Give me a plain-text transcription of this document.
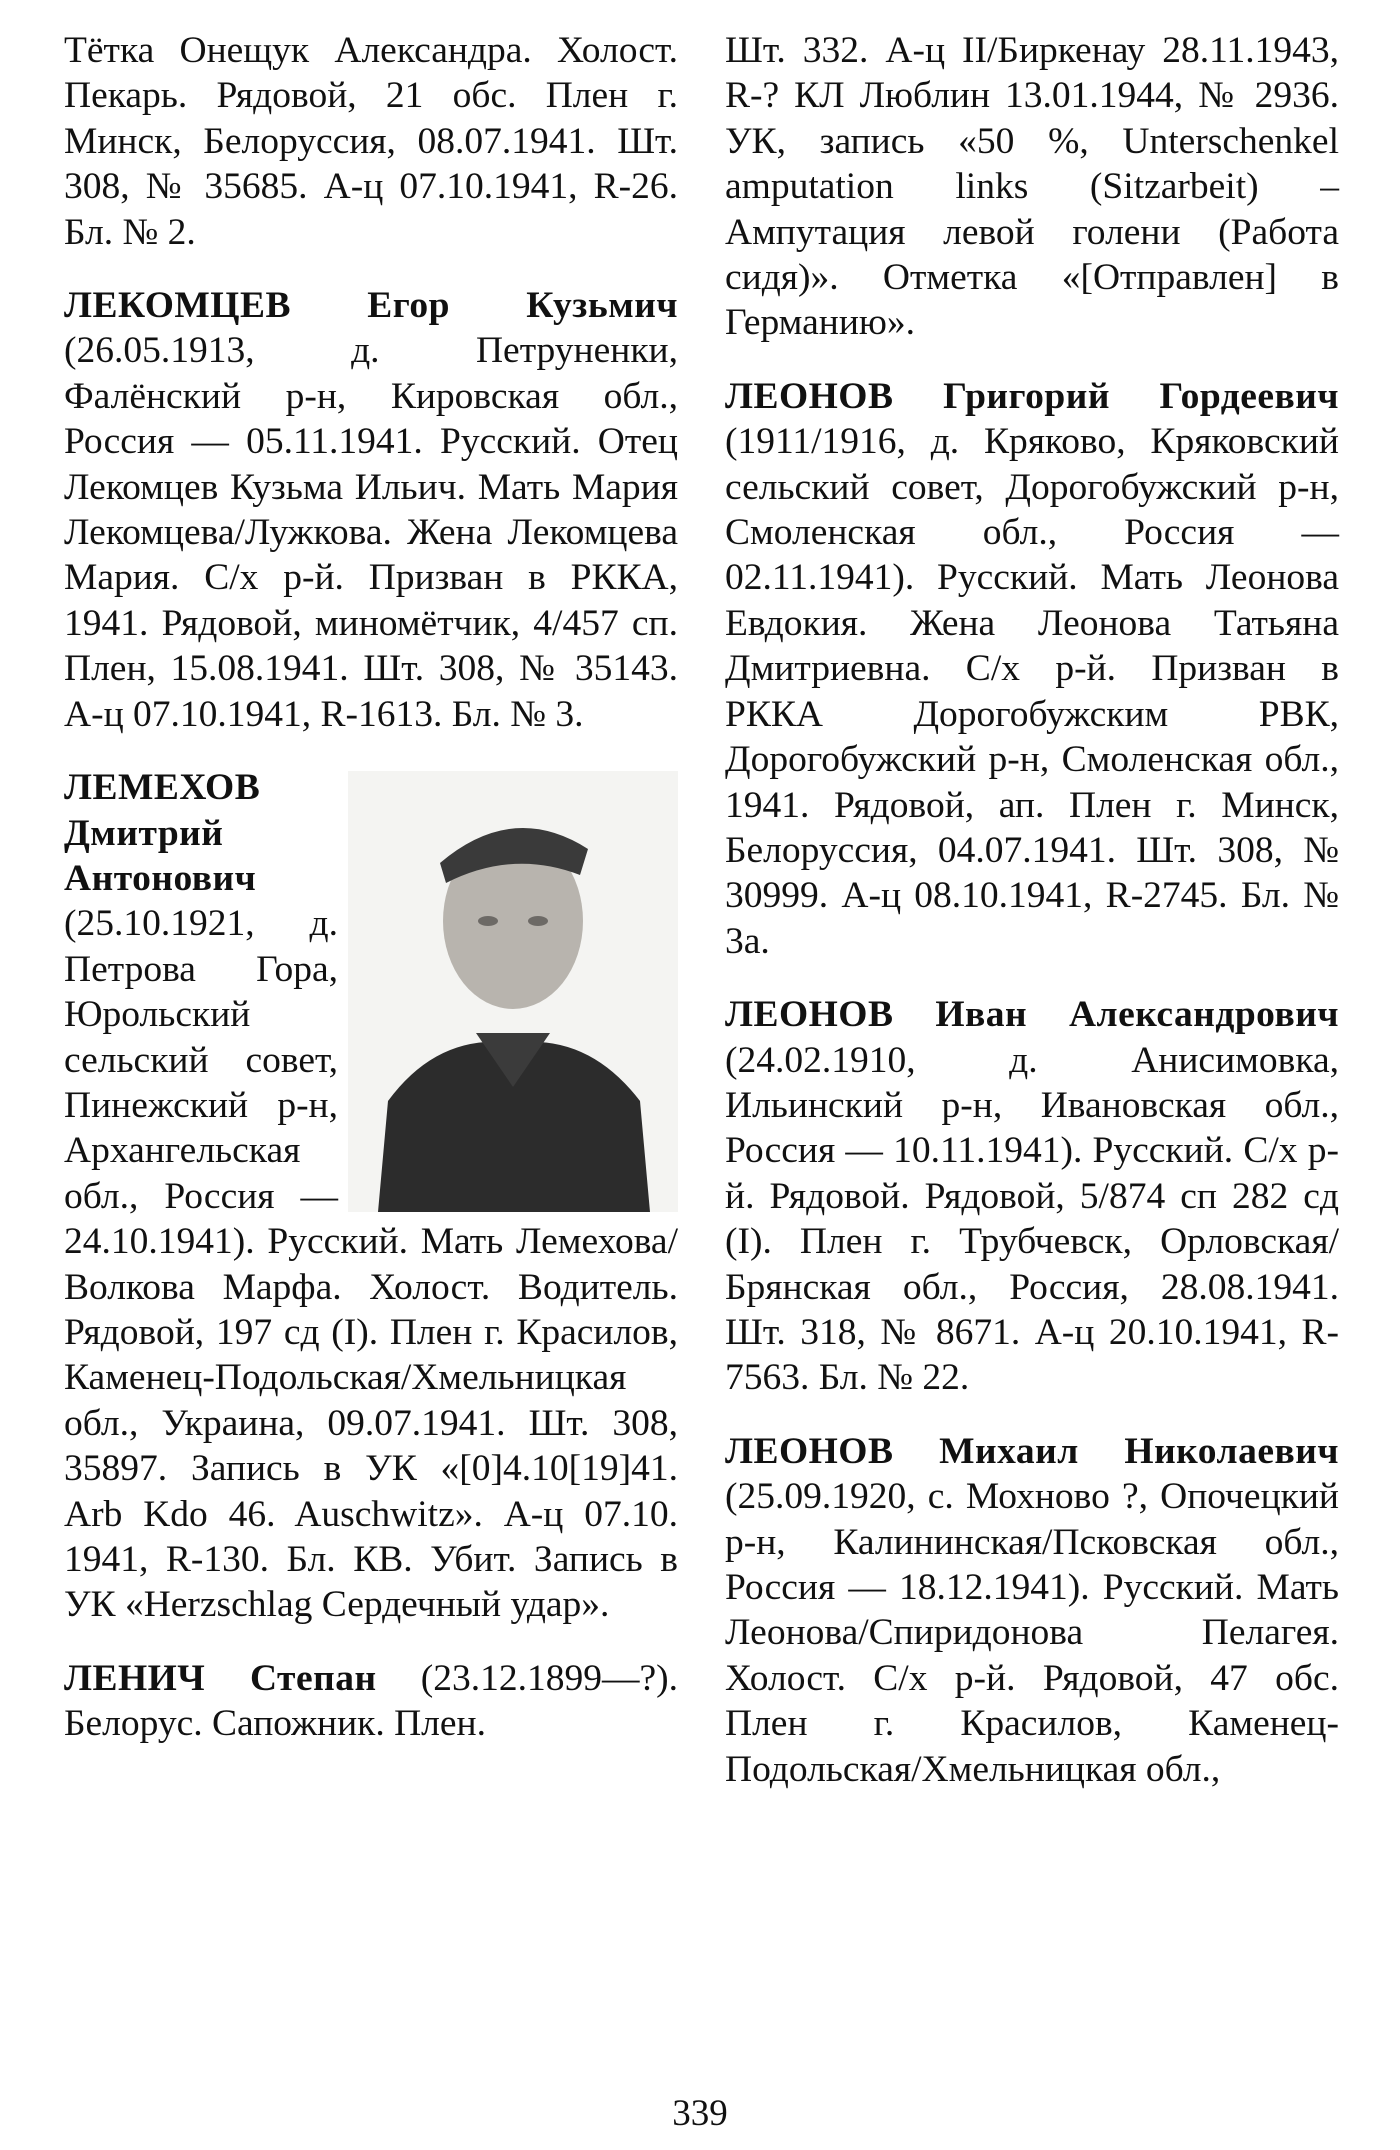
Тётка Онещук Александра. Холост. Пекарь. Рядовой, 21 обс. Плен г. Минск, Белоруссия, 08.07.1941. Шт. 308, № 35685. А-ц 07.10.1941, R-26. Бл. № 2.

ЛЕКОМЦЕВ Егор Кузьмич (26.05.1913, д. Петруненки, Фалёнский р-н, Кировская обл., Россия — 05.11.1941. Русский. Отец Лекомцев Кузьма Ильич. Мать Мария Лекомцева/Лужкова. Жена Лекомцева Мария. С/х р-й. Призван в РККА, 1941. Рядовой, миномётчик, 4/457 сп. Плен, 15.08.1941. Шт. 308, № 35143. А-ц 07.10.1941, R-1613. Бл. № 3.

ЛЕМЕХОВ Дмитрий Антонович (25.10.1921, д. Петрова Гора, Юрольский сельский совет, Пинежский р-н, Архангельская обл., Россия — 24.10.1941). Русский. Мать Лемехова/Волкова Марфа. Холост. Водитель. Рядовой, 197 сд (I). Плен г. Красилов, Каменец-Подольская/Хмельницкая обл., Украина, 09.07.1941. Шт. 308, 35897. Запись в УК «[0]4.10[19]41. Arb Kdo 46. Auschwitz». А-ц 07.10. 1941, R-130. Бл. КВ. Убит. Запись в УК «Herzschlag Сердечный удар».

ЛЕНИЧ Степан (23.12.1899—?). Белорус. Сапожник. Плен.

Шт. 332. А-ц II/Биркенау 28.11.1943, R-? КЛ Люблин 13.01.1944, № 2936. УК, запись «50 %, Unterschenkel amputation links (Sitzarbeit) – Ампутация левой голени (Работа сидя)». Отметка «[Отправлен] в Германию».

ЛЕОНОВ Григорий Гордеевич (1911/1916, д. Кряково, Кряковский сельский совет, Дорогобужский р-н, Смоленская обл., Россия — 02.11.1941). Русский. Мать Леонова Евдокия. Жена Леонова Татьяна Дмитриевна. С/х р-й. Призван в РККА Дорогобужским РВК, Дорогобужский р-н, Смоленская обл., 1941. Рядовой, ап. Плен г. Минск, Белоруссия, 04.07.1941. Шт. 308, № 30999. А-ц 08.10.1941, R-2745. Бл. № 3а.

ЛЕОНОВ Иван Александрович (24.02.1910, д. Анисимовка, Ильинский р-н, Ивановская обл., Россия — 10.11.1941). Русский. С/х р-й. Рядовой. Рядовой, 5/874 сп 282 сд (I). Плен г. Трубчевск, Орловская/Брянская обл., Россия, 28.08.1941. Шт. 318, № 8671. А-ц 20.10.1941, R-7563. Бл. № 22.

ЛЕОНОВ Михаил Николаевич (25.09.1920, с. Мохново ?, Опочецкий р-н, Калининская/Псковская обл., Россия — 18.12.1941). Русский. Мать Леонова/Спиридонова Пелагея. Холост. С/х р-й. Рядовой, 47 обс. Плен г. Красилов, Каменец-Подольская/Хмельницкая обл.,

339
